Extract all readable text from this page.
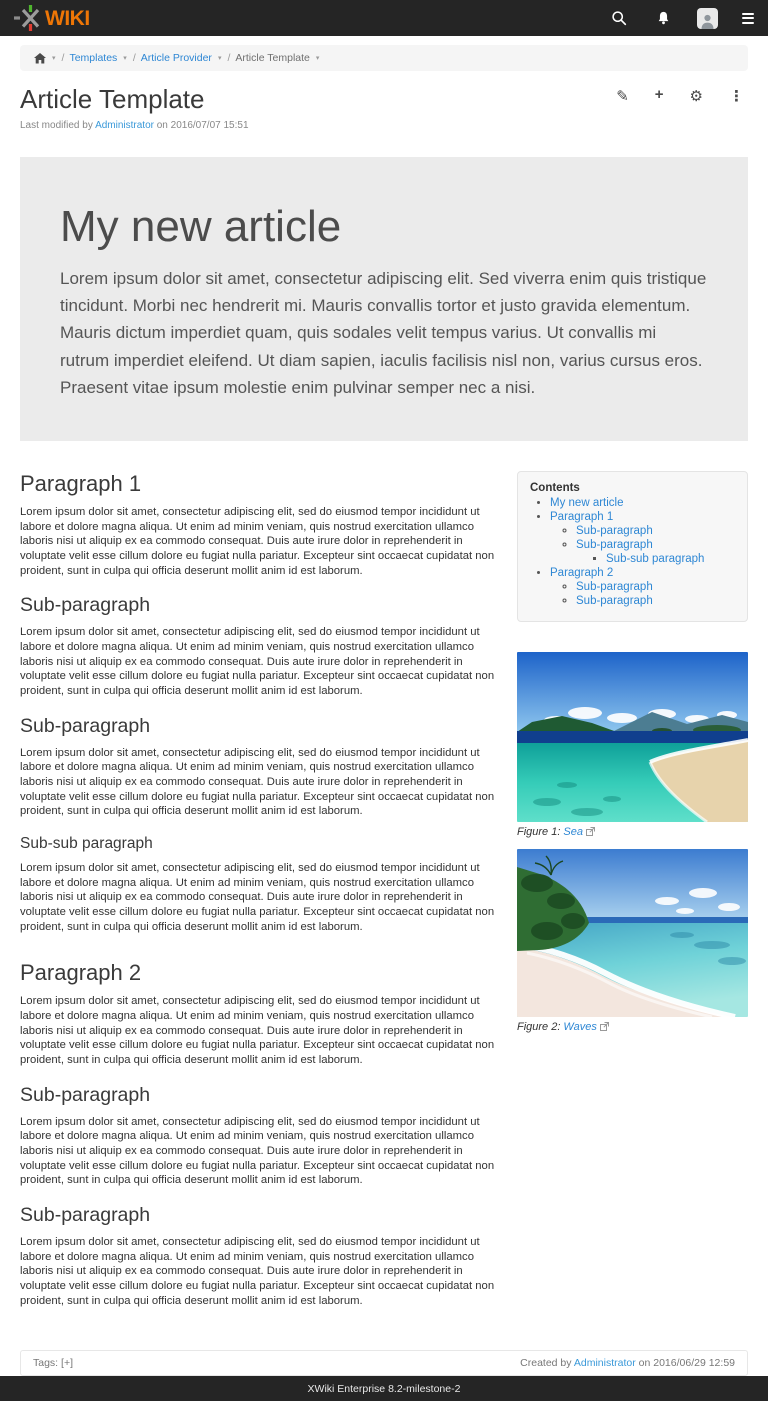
WIKI
▾ / Templates ▾ / Article Provider ▾ / Article Template ▾
Article Template	✎ + ⚙ ⋮
Last modified by Administrator on 2016/07/07 15:51
My new article

Lorem ipsum dolor sit amet, consectetur adipiscing elit. Sed viverra enim quis tristique tincidunt. Morbi nec hendrerit mi. Mauris convallis tortor et justo gravida elementum. Mauris dictum imperdiet quam, quis sodales velit tempus varius. Ut convallis mi rutrum imperdiet eleifend. Ut diam sapien, iaculis facilisis nisl non, varius cursus eros. Praesent vitae ipsum molestie enim pulvinar semper nec a nisi.

Paragraph 1

Lorem ipsum dolor sit amet, consectetur adipiscing elit, sed do eiusmod tempor incididunt ut labore et dolore magna aliqua. Ut enim ad minim veniam, quis nostrud exercitation ullamco laboris nisi ut aliquip ex ea commodo consequat. Duis aute irure dolor in reprehenderit in voluptate velit esse cillum dolore eu fugiat nulla pariatur. Excepteur sint occaecat cupidatat non proident, sunt in culpa qui officia deserunt mollit anim id est laborum.

Sub-paragraph

Lorem ipsum dolor sit amet, consectetur adipiscing elit, sed do eiusmod tempor incididunt ut labore et dolore magna aliqua. Ut enim ad minim veniam, quis nostrud exercitation ullamco laboris nisi ut aliquip ex ea commodo consequat. Duis aute irure dolor in reprehenderit in voluptate velit esse cillum dolore eu fugiat nulla pariatur. Excepteur sint occaecat cupidatat non proident, sunt in culpa qui officia deserunt mollit anim id est laborum.

Sub-paragraph

Lorem ipsum dolor sit amet, consectetur adipiscing elit, sed do eiusmod tempor incididunt ut labore et dolore magna aliqua. Ut enim ad minim veniam, quis nostrud exercitation ullamco laboris nisi ut aliquip ex ea commodo consequat. Duis aute irure dolor in reprehenderit in voluptate velit esse cillum dolore eu fugiat nulla pariatur. Excepteur sint occaecat cupidatat non proident, sunt in culpa qui officia deserunt mollit anim id est laborum.

Sub-sub paragraph

Lorem ipsum dolor sit amet, consectetur adipiscing elit, sed do eiusmod tempor incididunt ut labore et dolore magna aliqua. Ut enim ad minim veniam, quis nostrud exercitation ullamco laboris nisi ut aliquip ex ea commodo consequat. Duis aute irure dolor in reprehenderit in voluptate velit esse cillum dolore eu fugiat nulla pariatur. Excepteur sint occaecat cupidatat non proident, sunt in culpa qui officia deserunt mollit anim id est laborum.

Paragraph 2

Lorem ipsum dolor sit amet, consectetur adipiscing elit, sed do eiusmod tempor incididunt ut labore et dolore magna aliqua. Ut enim ad minim veniam, quis nostrud exercitation ullamco laboris nisi ut aliquip ex ea commodo consequat. Duis aute irure dolor in reprehenderit in voluptate velit esse cillum dolore eu fugiat nulla pariatur. Excepteur sint occaecat cupidatat non proident, sunt in culpa qui officia deserunt mollit anim id est laborum.

Sub-paragraph

Lorem ipsum dolor sit amet, consectetur adipiscing elit, sed do eiusmod tempor incididunt ut labore et dolore magna aliqua. Ut enim ad minim veniam, quis nostrud exercitation ullamco laboris nisi ut aliquip ex ea commodo consequat. Duis aute irure dolor in reprehenderit in voluptate velit esse cillum dolore eu fugiat nulla pariatur. Excepteur sint occaecat cupidatat non proident, sunt in culpa qui officia deserunt mollit anim id est laborum.

Sub-paragraph

Lorem ipsum dolor sit amet, consectetur adipiscing elit, sed do eiusmod tempor incididunt ut labore et dolore magna aliqua. Ut enim ad minim veniam, quis nostrud exercitation ullamco laboris nisi ut aliquip ex ea commodo consequat. Duis aute irure dolor in reprehenderit in voluptate velit esse cillum dolore eu fugiat nulla pariatur. Excepteur sint occaecat cupidatat non proident, sunt in culpa qui officia deserunt mollit anim id est laborum.

Contents
• My new article
• Paragraph 1
◦ Sub-paragraph
◦ Sub-paragraph
▪ Sub-sub paragraph
• Paragraph 2
◦ Sub-paragraph
◦ Sub-paragraph
Figure 1: Sea
Figure 2: Waves
Tags: [+]	Created by Administrator on 2016/06/29 12:59
XWiki Enterprise 8.2-milestone-2
